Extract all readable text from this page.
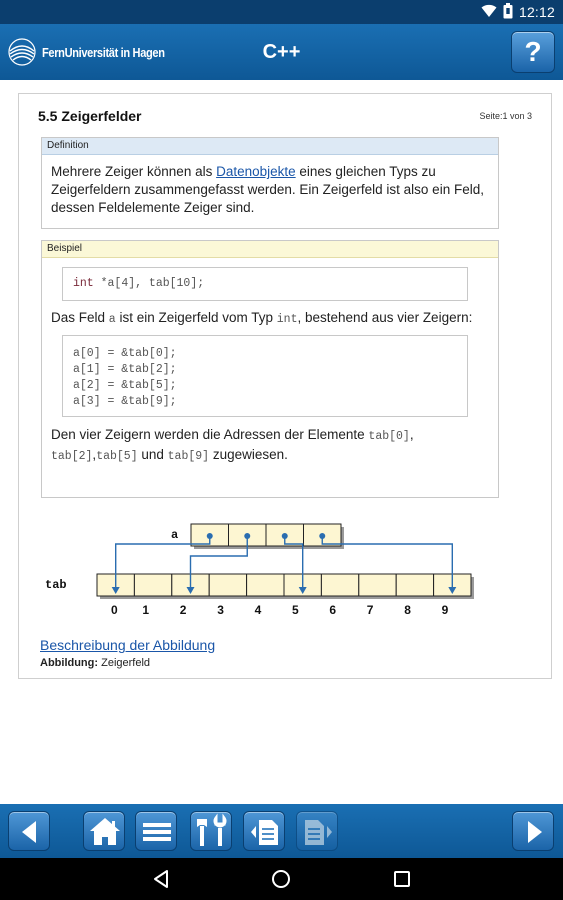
12:12
FernUniversität in Hagen	C++	?
5.5 Zeigerfelder	Seite:1 von 3
Definition
Mehrere Zeiger können als Datenobjekte eines gleichen Typs zu Zeigerfeldern zusammengefasst werden. Ein Zeigerfeld ist also ein Feld, dessen Feldelemente Zeiger sind.
Beispiel
int *a[4], tab[10];
Das Feld a ist ein Zeigerfeld vom Typ int, bestehend aus vier Zeigern:
a[0] = &tab[0];
a[1] = &tab[2];
a[2] = &tab[5];
a[3] = &tab[9];
Den vier Zeigern werden die Adressen der Elemente tab[0],
tab[2],tab[5] und tab[9] zugewiesen.
0 1	2	3	4	5	6	7	8	9
a
tab
Beschreibung der Abbildung
Abbildung: Zeigerfeld
